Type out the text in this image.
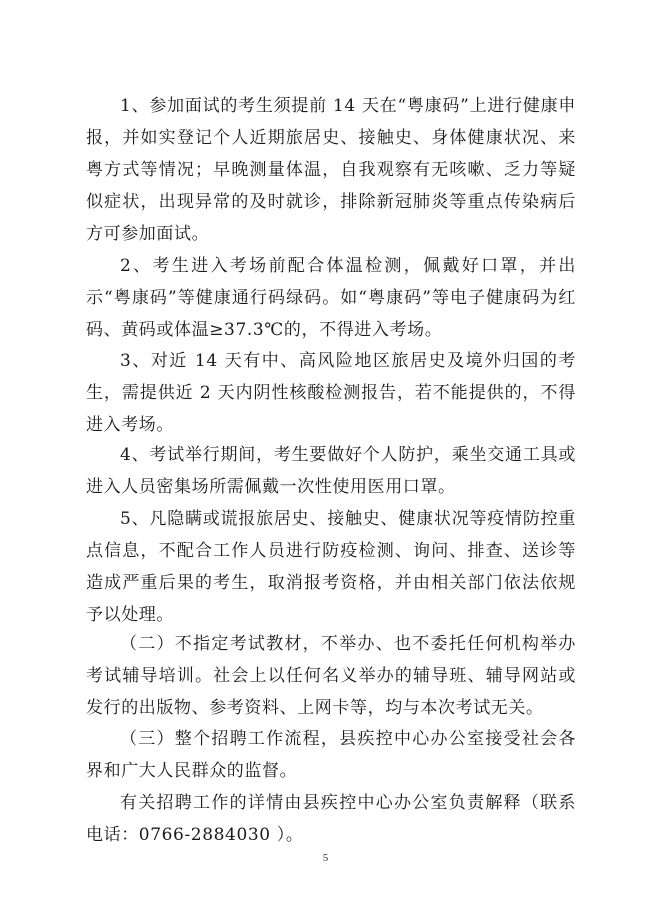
1、参加面试的考生须提前 14 天在“粤康码”上进行健康申报，并如实登记个人近期旅居史、接触史、身体健康状况、来粤方式等情况；早晚测量体温，自我观察有无咳嗽、乏力等疑似症状，出现异常的及时就诊，排除新冠肺炎等重点传染病后方可参加面试。

2、考生进入考场前配合体温检测，佩戴好口罩，并出示“粤康码”等健康通行码绿码。如“粤康码”等电子健康码为红码、黄码或体温≥37.3℃的，不得进入考场。

3、对近 14 天有中、高风险地区旅居史及境外归国的考生，需提供近 2 天内阴性核酸检测报告，若不能提供的，不得进入考场。

4、考试举行期间，考生要做好个人防护，乘坐交通工具或进入人员密集场所需佩戴一次性使用医用口罩。

5、凡隐瞒或谎报旅居史、接触史、健康状况等疫情防控重点信息，不配合工作人员进行防疫检测、询问、排查、送诊等造成严重后果的考生，取消报考资格，并由相关部门依法依规予以处理。

（二）不指定考试教材，不举办、也不委托任何机构举办考试辅导培训。社会上以任何名义举办的辅导班、辅导网站或发行的出版物、参考资料、上网卡等，均与本次考试无关。

（三）整个招聘工作流程，县疾控中心办公室接受社会各界和广大人民群众的监督。

有关招聘工作的详情由县疾控中心办公室负责解释（联系电话：0766-2884030 ）。

5
